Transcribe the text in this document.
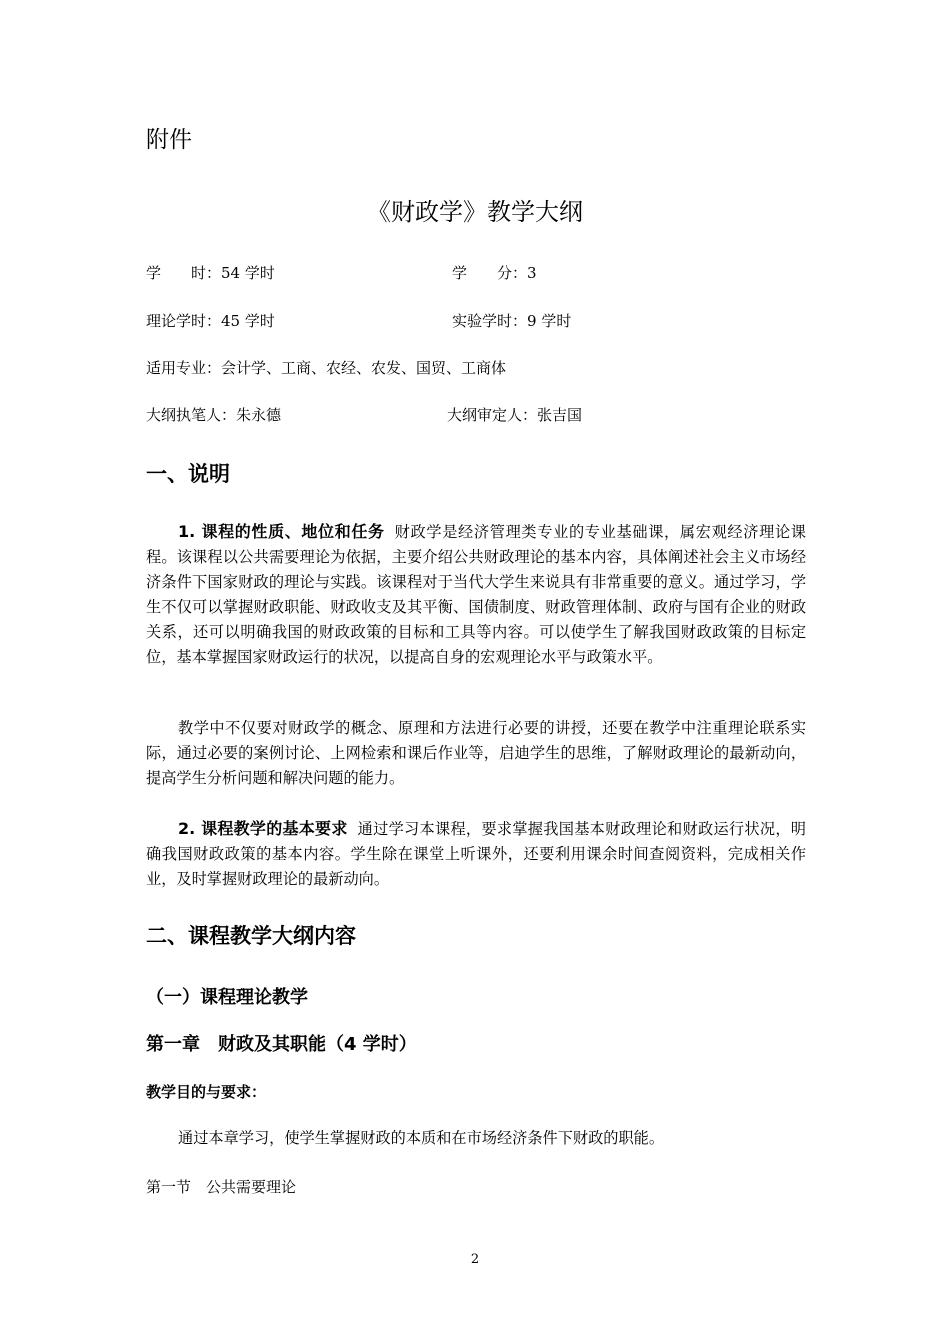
附件
《财政学》教学大纲
学　　时：54 学时	学　　分：3
理论学时：45 学时	实验学时：9 学时
适用专业：会计学、工商、农经、农发、国贸、工商体
大纲执笔人：朱永德	大纲审定人：张吉国
一、说明
1. 课程的性质、地位和任务 财政学是经济管理类专业的专业基础课，属宏观经济理论课程。该课程以公共需要理论为依据，主要介绍公共财政理论的基本内容，具体阐述社会主义市场经济条件下国家财政的理论与实践。该课程对于当代大学生来说具有非常重要的意义。通过学习，学生不仅可以掌握财政职能、财政收支及其平衡、国债制度、财政管理体制、政府与国有企业的财政关系，还可以明确我国的财政政策的目标和工具等内容。可以使学生了解我国财政政策的目标定位，基本掌握国家财政运行的状况，以提高自身的宏观理论水平与政策水平。
教学中不仅要对财政学的概念、原理和方法进行必要的讲授，还要在教学中注重理论联系实际，通过必要的案例讨论、上网检索和课后作业等，启迪学生的思维，了解财政理论的最新动向，提高学生分析问题和解决问题的能力。
2. 课程教学的基本要求 通过学习本课程，要求掌握我国基本财政理论和财政运行状况，明确我国财政政策的基本内容。学生除在课堂上听课外，还要利用课余时间查阅资料，完成相关作业，及时掌握财政理论的最新动向。
二、课程教学大纲内容
（一）课程理论教学
第一章　财政及其职能（4 学时）
教学目的与要求：
通过本章学习，使学生掌握财政的本质和在市场经济条件下财政的职能。
第一节　公共需要理论
2
